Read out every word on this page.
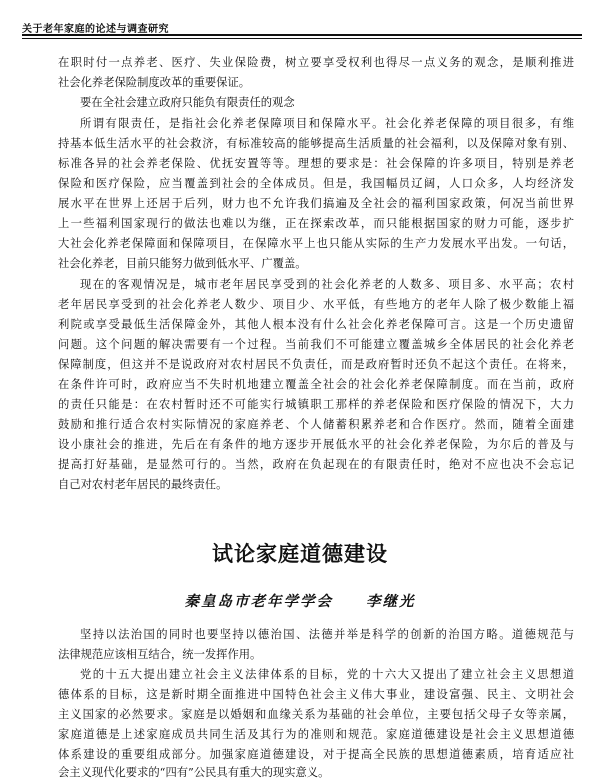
关于老年家庭的论述与调查研究
在职时付一点养老、医疗、失业保险费，树立要享受权利也得尽一点义务的观念，是顺利推进
社会化养老保险制度改革的重要保证。
要在全社会建立政府只能负有限责任的观念
所谓有限责任，是指社会化养老保障项目和保障水平。社会化养老保障的项目很多，有维
持基本低生活水平的社会救济，有标准较高的能够提高生活质量的社会福利，以及保障对象有别、
标准各异的社会养老保险、优抚安置等等。理想的要求是：社会保障的许多项目，特别是养老
保险和医疗保险，应当覆盖到社会的全体成员。但是，我国幅员辽阔，人口众多，人均经济发
展水平在世界上还居于后列，财力也不允许我们搞遍及全社会的福利国家政策，何况当前世界
上一些福利国家现行的做法也难以为继，正在探索改革，而只能根据国家的财力可能，逐步扩
大社会化养老保障面和保障项目，在保障水平上也只能从实际的生产力发展水平出发。一句话，
社会化养老，目前只能努力做到低水平、广覆盖。
现在的客观情况是，城市老年居民享受到的社会化养老的人数多、项目多、水平高；农村
老年居民享受到的社会化养老人数少、项目少、水平低，有些地方的老年人除了极少数能上福
利院或享受最低生活保障金外，其他人根本没有什么社会化养老保障可言。这是一个历史遗留
问题。这个问题的解决需要有一个过程。当前我们不可能建立覆盖城乡全体居民的社会化养老
保障制度，但这并不是说政府对农村居民不负责任，而是政府暂时还负不起这个责任。在将来，
在条件许可时，政府应当不失时机地建立覆盖全社会的社会化养老保障制度。而在当前，政府
的责任只能是：在农村暂时还不可能实行城镇职工那样的养老保险和医疗保险的情况下，大力
鼓励和推行适合农村实际情况的家庭养老、个人储蓄积累养老和合作医疗。然而，随着全面建
设小康社会的推进，先后在有条件的地方逐步开展低水平的社会化养老保险，为尔后的普及与
提高打好基础，是显然可行的。当然，政府在负起现在的有限责任时，绝对不应也决不会忘记
自己对农村老年居民的最终责任。
试论家庭道德建设
秦皇岛市老年学学会　　李继光
坚持以法治国的同时也要坚持以德治国、法德并举是科学的创新的治国方略。道德规范与
法律规范应该相互结合，统一发挥作用。
党的十五大提出建立社会主义法律体系的目标，党的十六大又提出了建立社会主义思想道
德体系的目标，这是新时期全面推进中国特色社会主义伟大事业，建设富强、民主、文明社会
主义国家的必然要求。家庭是以婚姻和血缘关系为基础的社会单位，主要包括父母子女等亲属，
家庭道德是上述家庭成员共同生活及其行为的准则和规范。家庭道德建设是社会主义思想道德
体系建设的重要组成部分。加强家庭道德建设，对于提高全民族的思想道德素质，培育适应社
会主义现代化要求的“四有”公民具有重大的现实意义。
